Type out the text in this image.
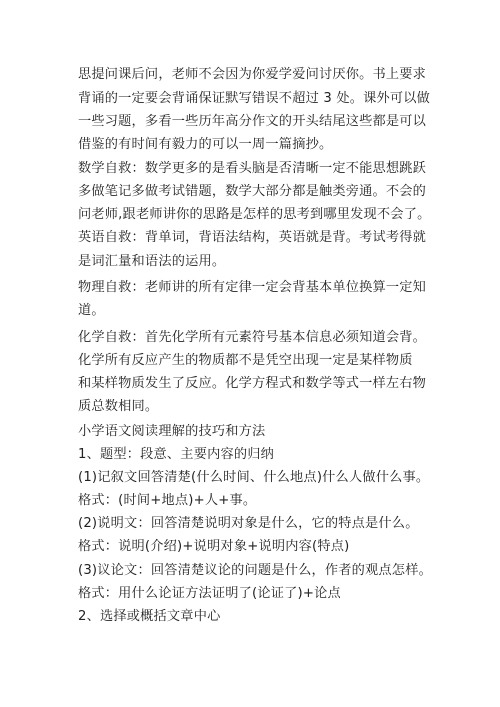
思提问课后问，老师不会因为你爱学爱问讨厌你。书上要求
背诵的一定要会背诵保证默写错误不超过 3 处。课外可以做
一些习题，多看一些历年高分作文的开头结尾这些都是可以
借鉴的有时间有毅力的可以一周一篇摘抄。
数学自救：数学更多的是看头脑是否清晰一定不能思想跳跃
多做笔记多做考试错题，数学大部分都是触类旁通。不会的
问老师,跟老师讲你的思路是怎样的思考到哪里发现不会了。
英语自救：背单词，背语法结构，英语就是背。考试考得就
是词汇量和语法的运用。
物理自救：老师讲的所有定律一定会背基本单位换算一定知
道。
化学自救：首先化学所有元素符号基本信息必须知道会背。
化学所有反应产生的物质都不是凭空出现一定是某样物质
和某样物质发生了反应。化学方程式和数学等式一样左右物
质总数相同。
小学语文阅读理解的技巧和方法
1、题型：段意、主要内容的归纳
(1)记叙文回答清楚(什么时间、什么地点)什么人做什么事。
格式：(时间+地点)+人+事。
(2)说明文：回答清楚说明对象是什么，它的特点是什么。
格式：说明(介绍)+说明对象+说明内容(特点)
(3)议论文：回答清楚议论的问题是什么，作者的观点怎样。
格式：用什么论证方法证明了(论证了)+论点
2、选择或概括文章中心
